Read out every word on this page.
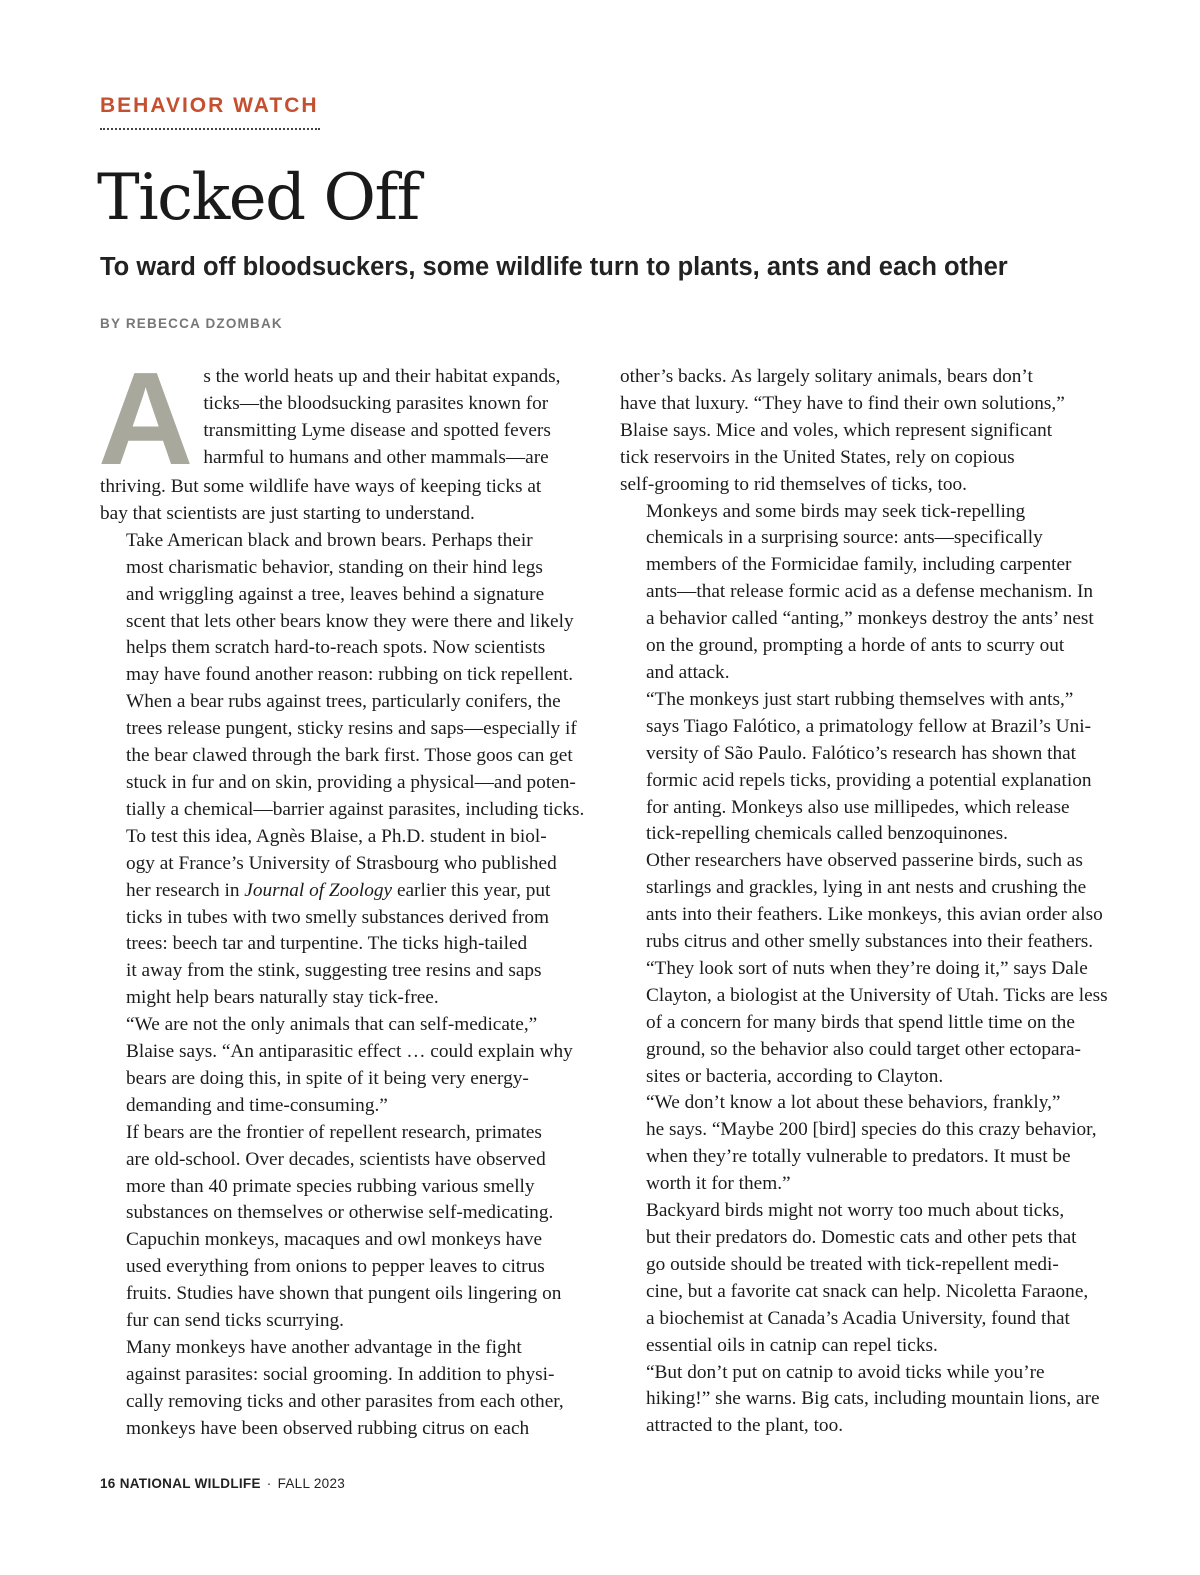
BEHAVIOR WATCH
Ticked Off
To ward off bloodsuckers, some wildlife turn to plants, ants and each other
BY REBECCA DZOMBAK

A s the world heats up and their habitat expands,
ticks—the bloodsucking parasites known for
transmitting Lyme disease and spotted fevers
harmful to humans and other mammals—are
thriving. But some wildlife have ways of keeping ticks at
bay that scientists are just starting to understand.

Take American black and brown bears. Perhaps their
most charismatic behavior, standing on their hind legs
and wriggling against a tree, leaves behind a signature
scent that lets other bears know they were there and likely
helps them scratch hard-to-reach spots. Now scientists
may have found another reason: rubbing on tick repellent.

When a bear rubs against trees, particularly conifers, the
trees release pungent, sticky resins and saps—especially if
the bear clawed through the bark first. Those goos can get
stuck in fur and on skin, providing a physical—and poten-
tially a chemical—barrier against parasites, including ticks.

To test this idea, Agnès Blaise, a Ph.D. student in biol-
ogy at France’s University of Strasbourg who published
her research in Journal of Zoology earlier this year, put
ticks in tubes with two smelly substances derived from
trees: beech tar and turpentine. The ticks high-tailed
it away from the stink, suggesting tree resins and saps
might help bears naturally stay tick-free.

“We are not the only animals that can self-medicate,”
Blaise says. “An antiparasitic effect … could explain why
bears are doing this, in spite of it being very energy-
demanding and time-consuming.”

If bears are the frontier of repellent research, primates
are old-school. Over decades, scientists have observed
more than 40 primate species rubbing various smelly
substances on themselves or otherwise self-medicating.
Capuchin monkeys, macaques and owl monkeys have
used everything from onions to pepper leaves to citrus
fruits. Studies have shown that pungent oils lingering on
fur can send ticks scurrying.

Many monkeys have another advantage in the fight
against parasites: social grooming. In addition to physi-
cally removing ticks and other parasites from each other,
monkeys have been observed rubbing citrus on each

other’s backs. As largely solitary animals, bears don’t
have that luxury. “They have to find their own solutions,”
Blaise says. Mice and voles, which represent significant
tick reservoirs in the United States, rely on copious
self-grooming to rid themselves of ticks, too.

Monkeys and some birds may seek tick-repelling
chemicals in a surprising source: ants—specifically
members of the Formicidae family, including carpenter
ants—that release formic acid as a defense mechanism. In
a behavior called “anting,” monkeys destroy the ants’ nest
on the ground, prompting a horde of ants to scurry out
and attack.

“The monkeys just start rubbing themselves with ants,”
says Tiago Falótico, a primatology fellow at Brazil’s Uni-
versity of São Paulo. Falótico’s research has shown that
formic acid repels ticks, providing a potential explanation
for anting. Monkeys also use millipedes, which release
tick-repelling chemicals called benzoquinones.

Other researchers have observed passerine birds, such as
starlings and grackles, lying in ant nests and crushing the
ants into their feathers. Like monkeys, this avian order also
rubs citrus and other smelly substances into their feathers.

“They look sort of nuts when they’re doing it,” says Dale
Clayton, a biologist at the University of Utah. Ticks are less
of a concern for many birds that spend little time on the
ground, so the behavior also could target other ectopara-
sites or bacteria, according to Clayton.

“We don’t know a lot about these behaviors, frankly,”
he says. “Maybe 200 [bird] species do this crazy behavior,
when they’re totally vulnerable to predators. It must be
worth it for them.”

Backyard birds might not worry too much about ticks,
but their predators do. Domestic cats and other pets that
go outside should be treated with tick-repellent medi-
cine, but a favorite cat snack can help. Nicoletta Faraone,
a biochemist at Canada’s Acadia University, found that
essential oils in catnip can repel ticks.

“But don’t put on catnip to avoid ticks while you’re
hiking!” she warns. Big cats, including mountain lions, are
attracted to the plant, too.

16 NATIONAL WILDLIFE · FALL 2023
